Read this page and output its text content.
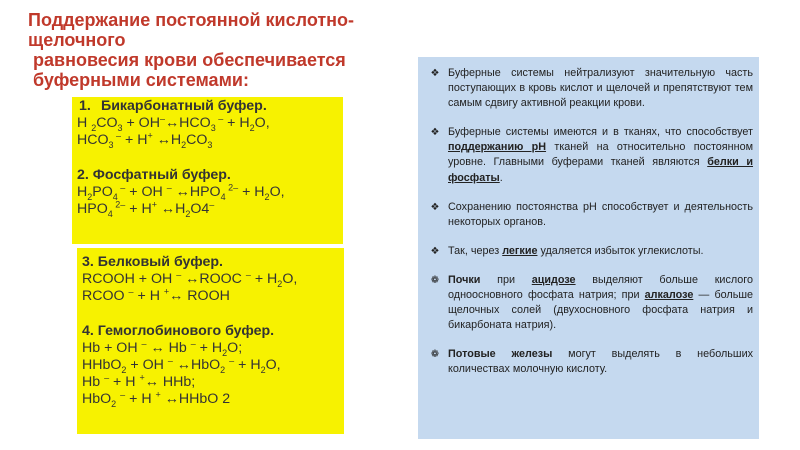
Поддержание постоянной кислотно-
щелочного
равновесия крови обеспечивается
буферными системами:
1. Бикарбонатный буфер.
H $_2CO_3$ + $OH^-\leftrightarrow HCO_3$ $^- + H_2O$,
$HCO_3$ – + H+ $\leftrightarrow H_2CO_3$
2. Фосфатный буфер.
$H_2PO_4$ – + OH – $\leftrightarrow HPO_4$ $^{2-} + H_2O$,
$HPO_4$ $^{2-}$ + H+ $\leftrightarrow H_2O4^-$
3. Белковый буфер.
RCOOH + OH – ↔ROOC $^- + H_2O$,
RCOO – + H +↔ ROOH
4. Гемоглобинового буфер.
Hb + OH – ↔ Hb $^- + H_2O$;
HHbO$_2$ + OH – ↔HbO$_2$ $^- + H_2O$,
Hb – + H +↔ HHb;
HbO$_2$ – + H + ↔HHbO 2
❖ Буферные системы нейтрализуют значительную часть поступающих в кровь кислот и щелочей и препятствуют тем самым сдвигу активной реакции крови.
❖ Буферные системы имеются и в тканях, что способствует поддержанию рН тканей на относительно постоянном уровне. Главными буферами тканей являются белки и фосфаты.
❖ Сохранению постоянства рН способствует и деятельность некоторых органов.
❖ Так, через легкие удаляется избыток углекислоты.
❁ Почки при ацидозе выделяют больше кислого одноосновного фосфата натрия; при алкалозе — больше щелочных солей (двухосновного фосфата натрия и бикарбоната натрия).
❁ Потовые железы могут выделять в небольших количествах молочную кислоту.
